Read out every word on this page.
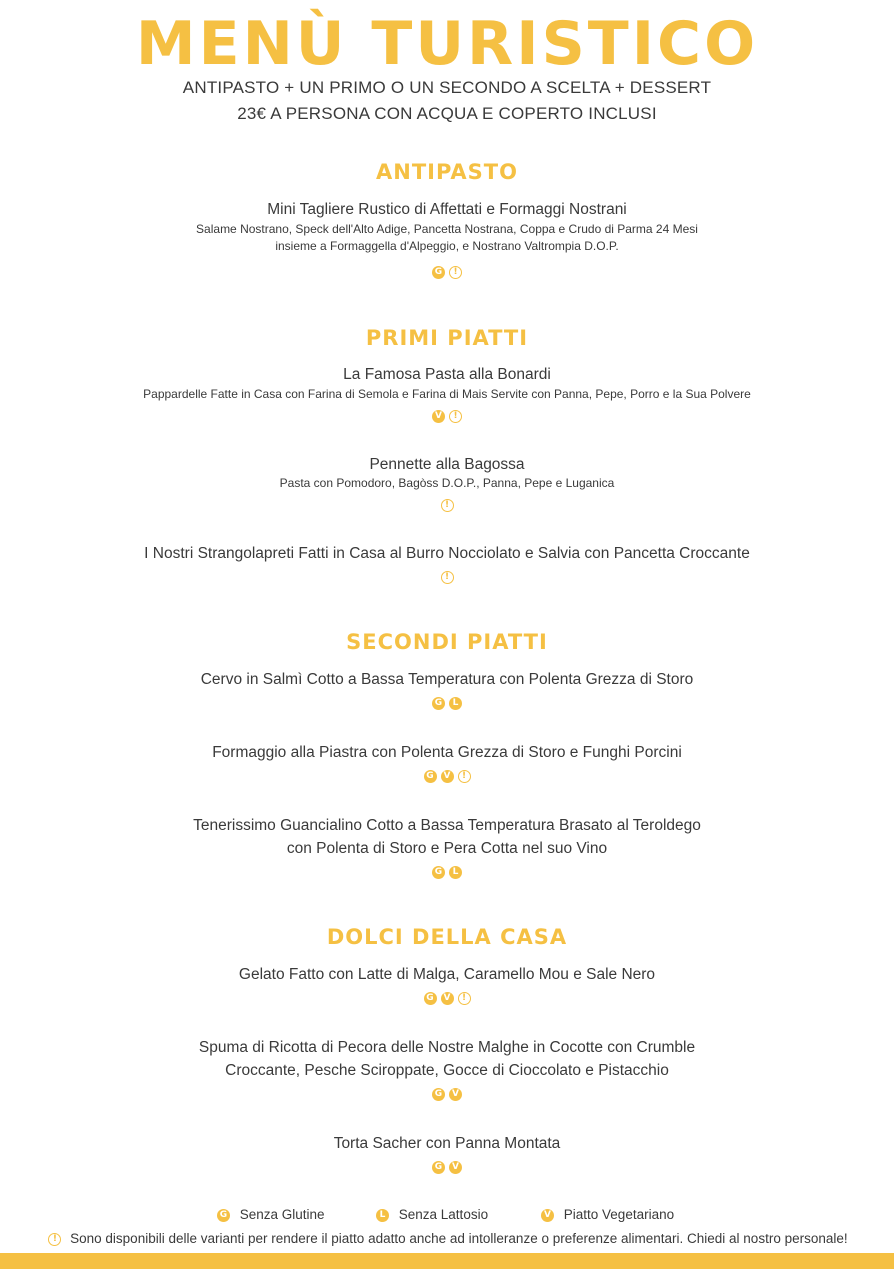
MENÙ TURISTICO
ANTIPASTO + UN PRIMO O UN SECONDO A SCELTA + DESSERT
23€ A PERSONA CON ACQUA E COPERTO INCLUSI
ANTIPASTO
Mini Tagliere Rustico di Affettati e Formaggi Nostrani
Salame Nostrano, Speck dell'Alto Adige, Pancetta Nostrana, Coppa e Crudo di Parma 24 Mesi
insieme a Formaggella d'Alpeggio, e Nostrano Valtrompia D.O.P.
G !
PRIMI PIATTI
La Famosa Pasta alla Bonardi
Pappardelle Fatte in Casa con Farina di Semola e Farina di Mais Servite con Panna, Pepe, Porro e la Sua Polvere
V !
Pennette alla Bagossa
Pasta con Pomodoro, Bagòss D.O.P., Panna, Pepe e Luganica
!
I Nostri Strangolapreti Fatti in Casa al Burro Nocciolato e Salvia con Pancetta Croccante
!
SECONDI PIATTI
Cervo in Salmì Cotto a Bassa Temperatura con Polenta Grezza di Storo
G L
Formaggio alla Piastra con Polenta Grezza di Storo e Funghi Porcini
G V !
Tenerissimo Guancialino Cotto a Bassa Temperatura Brasato al Teroldego
con Polenta di Storo e Pera Cotta nel suo Vino
G L
DOLCI DELLA CASA
Gelato Fatto con Latte di Malga, Caramello Mou e Sale Nero
G V !
Spuma di Ricotta di Pecora delle Nostre Malghe in Cocotte con Crumble
Croccante, Pesche Sciroppate, Gocce di Cioccolato e Pistacchio
G V
Torta Sacher con Panna Montata
G V
G Senza Glutine	L Senza Lattosio	V Piatto Vegetariano
! Sono disponibili delle varianti per rendere il piatto adatto anche ad intolleranze o preferenze alimentari. Chiedi al nostro personale!
